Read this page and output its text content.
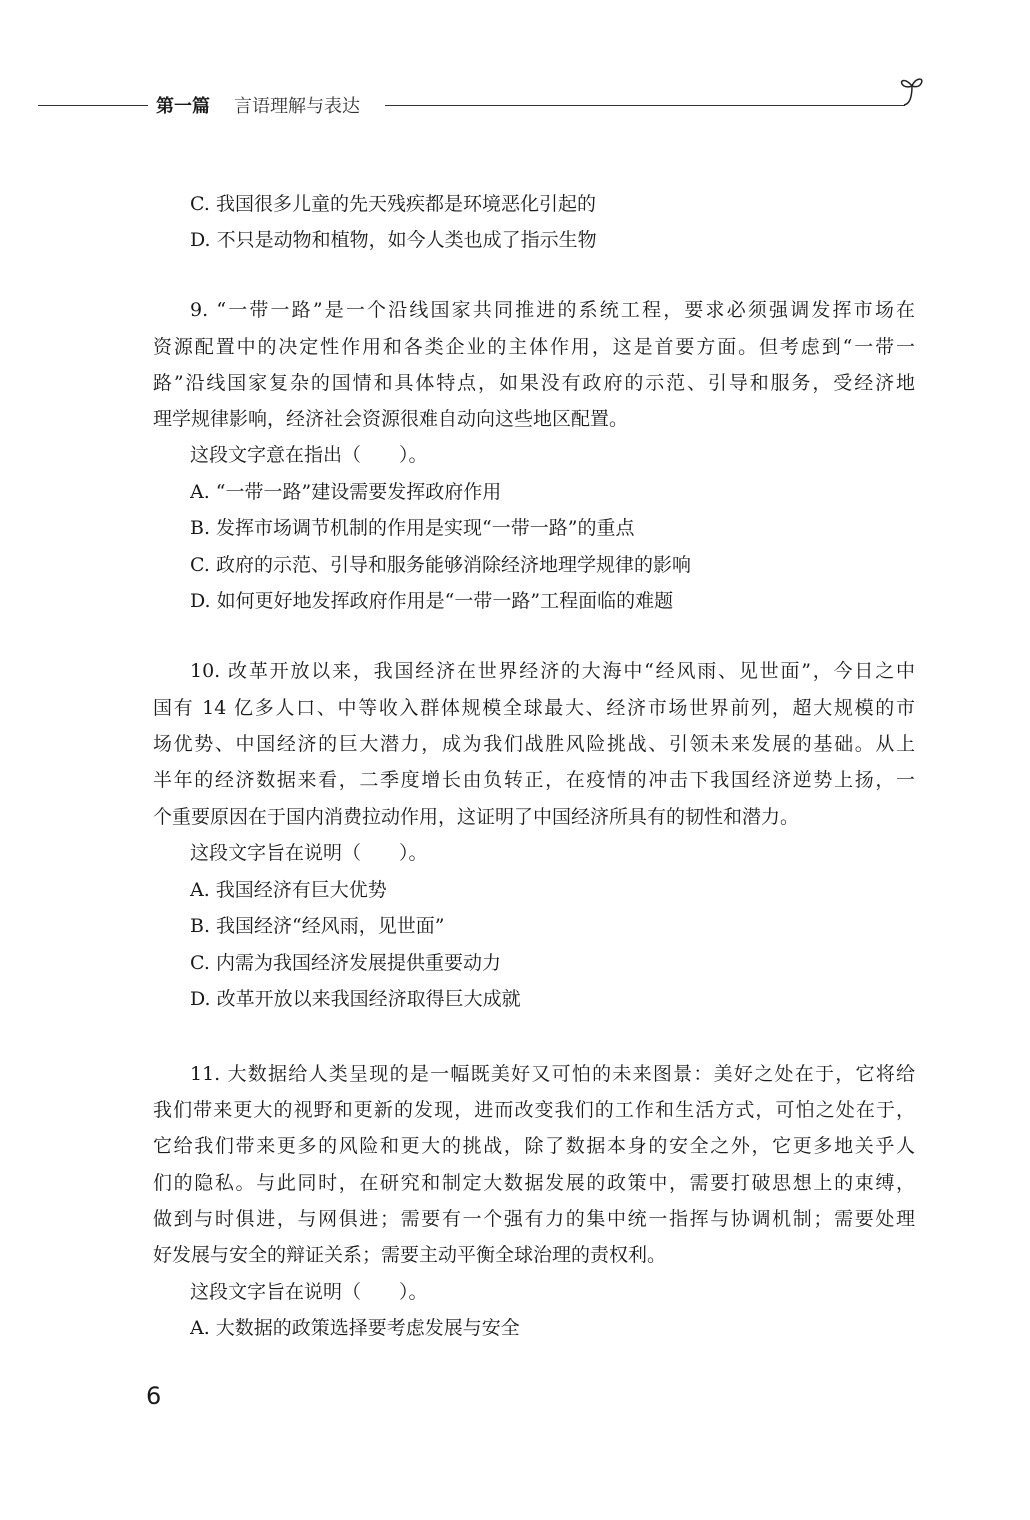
第一篇 言语理解与表达
C. 我国很多儿童的先天残疾都是环境恶化引起的
D. 不只是动物和植物，如今人类也成了指示生物
9. “一带一路”是一个沿线国家共同推进的系统工程，要求必须强调发挥市场在
资源配置中的决定性作用和各类企业的主体作用，这是首要方面。但考虑到“一带一
路”沿线国家复杂的国情和具体特点，如果没有政府的示范、引导和服务，受经济地
理学规律影响，经济社会资源很难自动向这些地区配置。
这段文字意在指出（　　）。
A. “一带一路”建设需要发挥政府作用
B. 发挥市场调节机制的作用是实现“一带一路”的重点
C. 政府的示范、引导和服务能够消除经济地理学规律的影响
D. 如何更好地发挥政府作用是“一带一路”工程面临的难题
10. 改革开放以来，我国经济在世界经济的大海中“经风雨、见世面”，今日之中
国有 14 亿多人口、中等收入群体规模全球最大、经济市场世界前列，超大规模的市
场优势、中国经济的巨大潜力，成为我们战胜风险挑战、引领未来发展的基础。从上
半年的经济数据来看，二季度增长由负转正，在疫情的冲击下我国经济逆势上扬，一
个重要原因在于国内消费拉动作用，这证明了中国经济所具有的韧性和潜力。
这段文字旨在说明（　　）。
A. 我国经济有巨大优势
B. 我国经济“经风雨，见世面”
C. 内需为我国经济发展提供重要动力
D. 改革开放以来我国经济取得巨大成就
11. 大数据给人类呈现的是一幅既美好又可怕的未来图景：美好之处在于，它将给
我们带来更大的视野和更新的发现，进而改变我们的工作和生活方式，可怕之处在于，
它给我们带来更多的风险和更大的挑战，除了数据本身的安全之外，它更多地关乎人
们的隐私。与此同时，在研究和制定大数据发展的政策中，需要打破思想上的束缚，
做到与时俱进，与网俱进；需要有一个强有力的集中统一指挥与协调机制；需要处理
好发展与安全的辩证关系；需要主动平衡全球治理的责权利。
这段文字旨在说明（　　）。
A. 大数据的政策选择要考虑发展与安全
6
